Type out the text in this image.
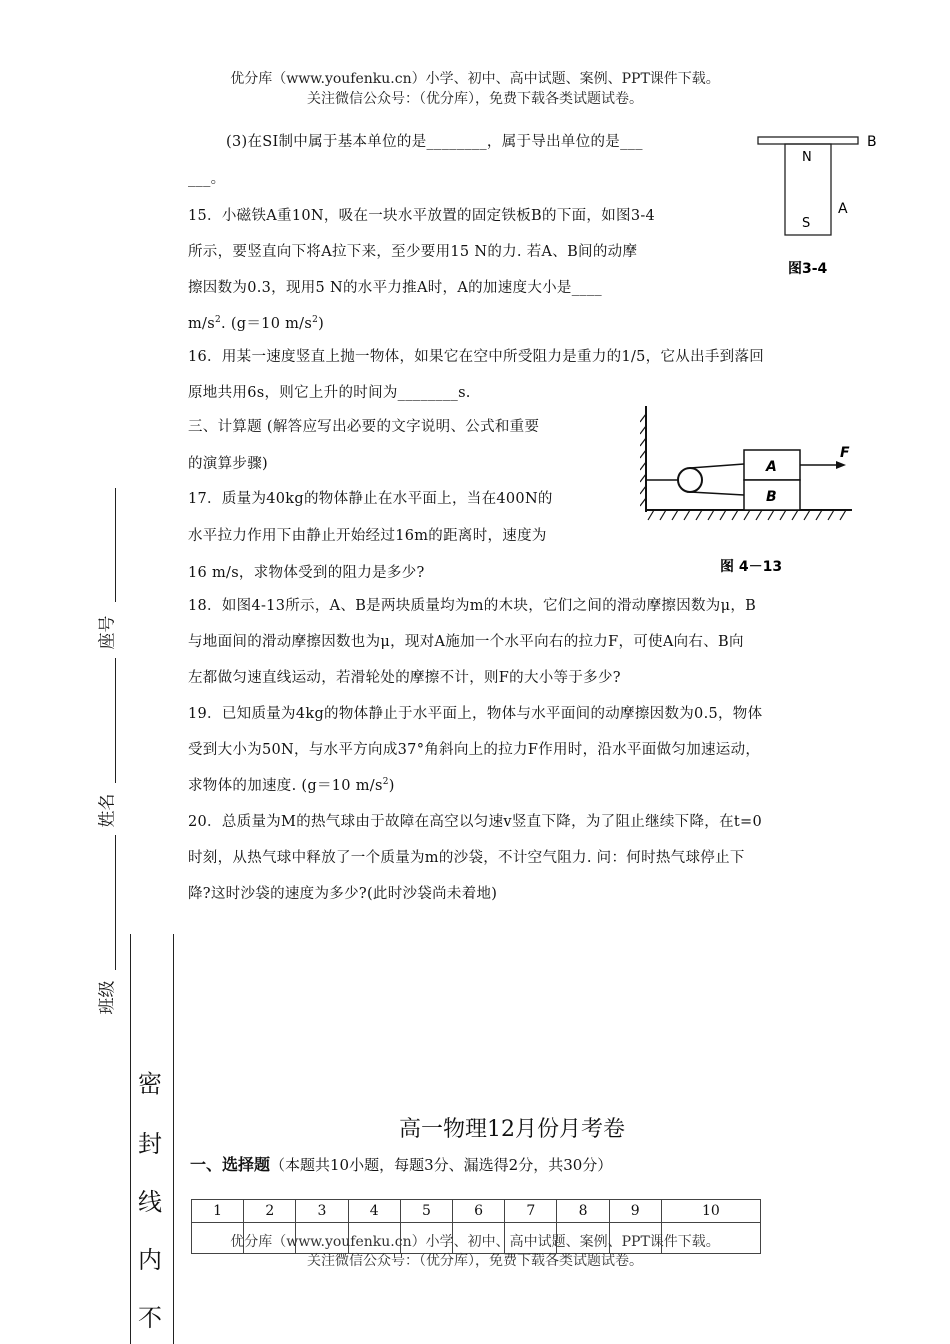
优分库（www.youfenku.cn）小学、初中、高中试题、案例、PPT课件下载。
关注微信公众号：（优分库），免费下载各类试题试卷。
(3)在SI制中属于基本单位的是________，属于导出单位的是___
___。
B
N
S
A
图3-4
15．小磁铁A重10N，吸在一块水平放置的固定铁板B的下面，如图3-4
所示，要竖直向下将A拉下来，至少要用15 N的力. 若A、B间的动摩
擦因数为0.3，现用5 N的水平力推A时，A的加速度大小是____
$m/s^2$. (g＝10 $m/s^2$)
16．用某一速度竖直上抛一物体，如果它在空中所受阻力是重力的1/5，它从出手到落回
原地共用6s，则它上升的时间为________s.
三、计算题 (解答应写出必要的文字说明、公式和重要
的演算步骤)	A
B
F
图 4－13
17．质量为40kg的物体静止在水平面上，当在400N的
水平拉力作用下由静止开始经过16m的距离时，速度为
16 m/s，求物体受到的阻力是多少?
18．如图4-13所示，A、B是两块质量均为m的木块，它们之间的滑动摩擦因数为μ，B
与地面间的滑动摩擦因数也为μ，现对A施加一个水平向右的拉力F，可使A向右、B向
左都做匀速直线运动，若滑轮处的摩擦不计，则F的大小等于多少?
19．已知质量为4kg的物体静止于水平面上，物体与水平面间的动摩擦因数为0.5，物体
受到大小为50N，与水平方向成37°角斜向上的拉力F作用时，沿水平面做匀加速运动，
求物体的加速度. (g＝10 $m/s^2$)
20．总质量为M的热气球由于故障在高空以匀速v竖直下降，为了阻止继续下降，在t=0
时刻，从热气球中释放了一个质量为m的沙袋，不计空气阻力. 问：何时热气球停止下
降?这时沙袋的速度为多少?(此时沙袋尚未着地)
座号
姓名
班级
密
封
线
内
不
高一物理12月份月考卷
一、选择题（本题共10小题，每题3分、漏选得2分，共30分）
1	2	3	4	5	6	7	8	9	10

优分库（www.youfenku.cn）小学、初中、高中试题、案例、PPT课件下载。
关注微信公众号：（优分库），免费下载各类试题试卷。
